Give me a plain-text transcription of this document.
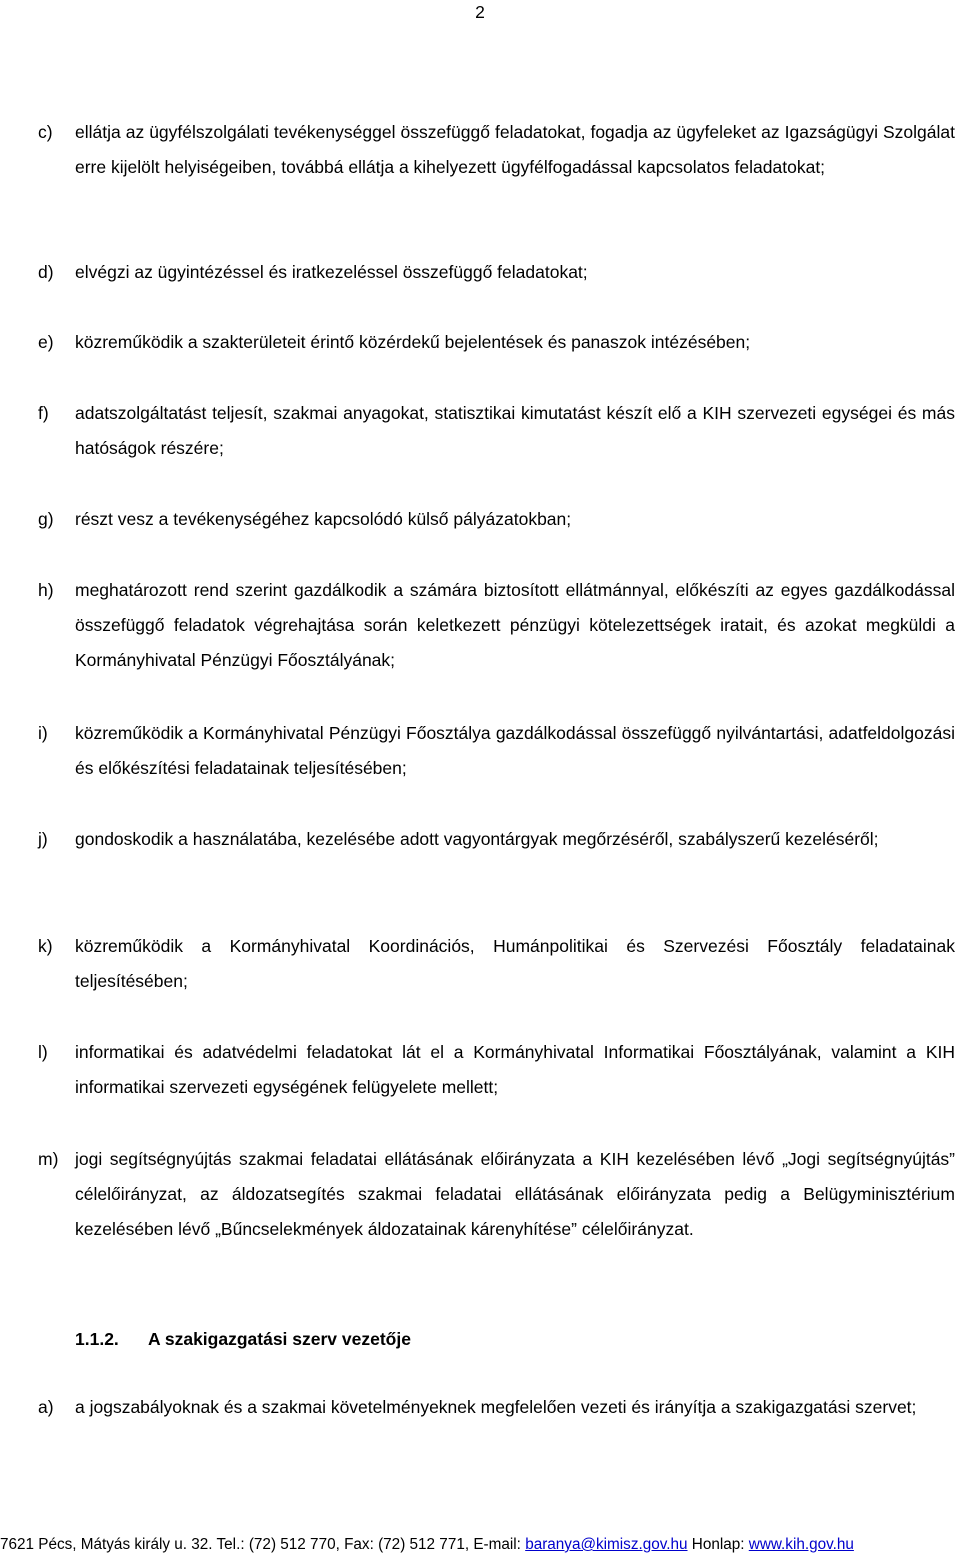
2
c) ellátja az ügyfélszolgálati tevékenységgel összefüggő feladatokat, fogadja az ügyfeleket az Igazságügyi Szolgálat erre kijelölt helyiségeiben, továbbá ellátja a kihelyezett ügyfélfogadással kapcsolatos feladatokat;
d) elvégzi az ügyintézéssel és iratkezeléssel összefüggő feladatokat;
e) közreműködik a szakterületeit érintő közérdekű bejelentések és panaszok intézésében;
f) adatszolgáltatást teljesít, szakmai anyagokat, statisztikai kimutatást készít elő a KIH szervezeti egységei és más hatóságok részére;
g) részt vesz a tevékenységéhez kapcsolódó külső pályázatokban;
h) meghatározott rend szerint gazdálkodik a számára biztosított ellátmánnyal, előkészíti az egyes gazdálkodással összefüggő feladatok végrehajtása során keletkezett pénzügyi kötelezettségek iratait, és azokat megküldi a Kormányhivatal Pénzügyi Főosztályának;
i) közreműködik a Kormányhivatal Pénzügyi Főosztálya gazdálkodással összefüggő nyilvántartási, adatfeldolgozási és előkészítési feladatainak teljesítésében;
j) gondoskodik a használatába, kezelésébe adott vagyontárgyak megőrzéséről, szabályszerű kezeléséről;
k) közreműködik a Kormányhivatal Koordinációs, Humánpolitikai és Szervezési Főosztály feladatainak teljesítésében;
l) informatikai és adatvédelmi feladatokat lát el a Kormányhivatal Informatikai Főosztályának, valamint a KIH informatikai szervezeti egységének felügyelete mellett;
m) jogi segítségnyújtás szakmai feladatai ellátásának előirányzata a KIH kezelésében lévő „Jogi segítségnyújtás” célelőirányzat, az áldozatsegítés szakmai feladatai ellátásának előirányzata pedig a Belügyminisztérium kezelésében lévő „Bűncselekmények áldozatainak kárenyhítése” célelőirányzat.
1.1.2. A szakigazgatási szerv vezetője
a) a jogszabályoknak és a szakmai követelményeknek megfelelően vezeti és irányítja a szakigazgatási szervet;
7621 Pécs, Mátyás király u. 32. Tel.: (72) 512 770, Fax: (72) 512 771, E-mail: baranya@kimisz.gov.hu Honlap: www.kih.gov.hu
